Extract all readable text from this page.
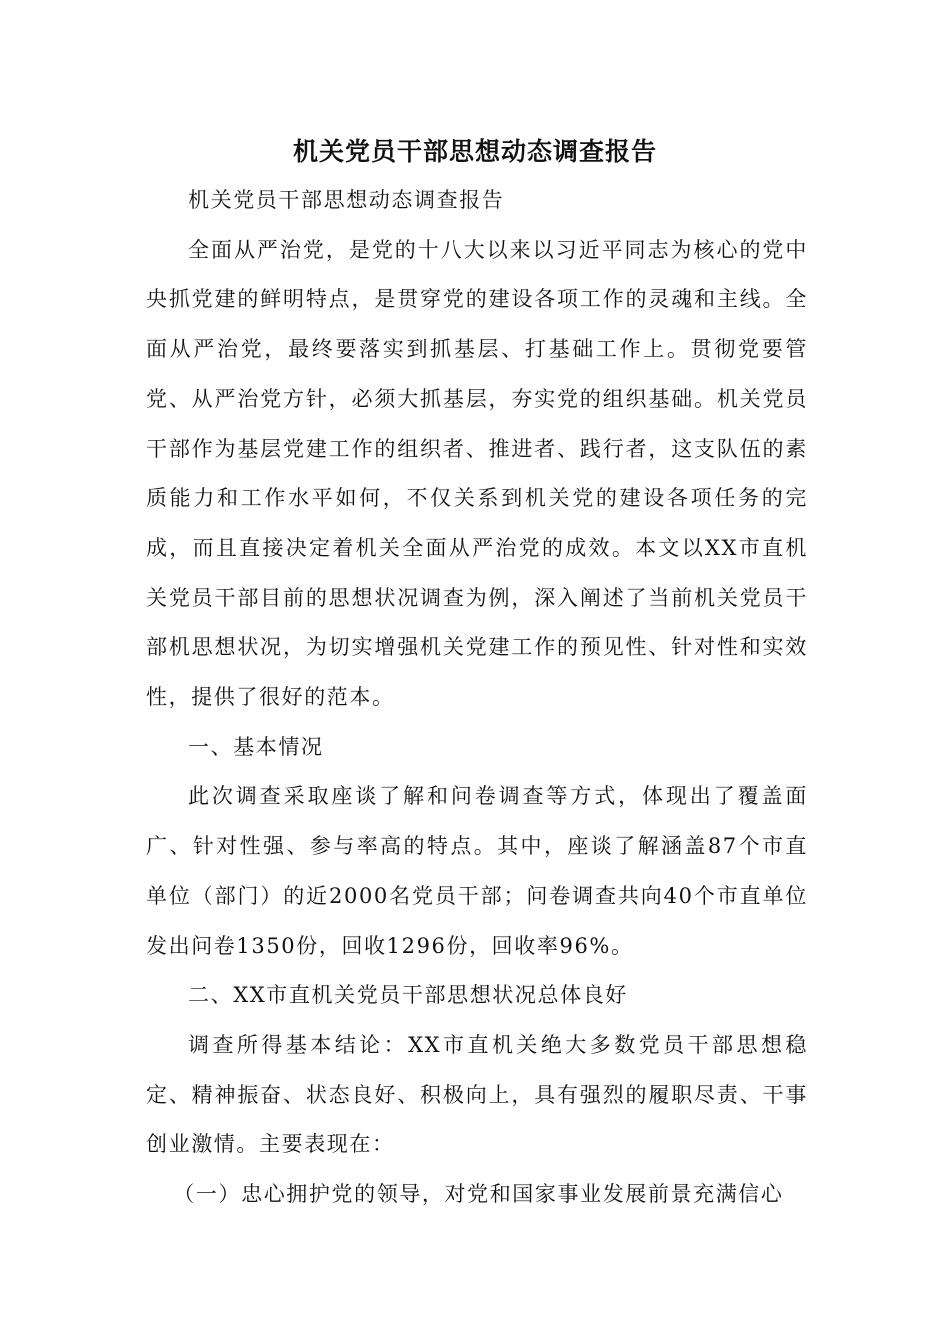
机关党员干部思想动态调查报告

机关党员干部思想动态调查报告

全面从严治党，是党的十八大以来以习近平同志为核心的党中央抓党建的鲜明特点，是贯穿党的建设各项工作的灵魂和主线。全面从严治党，最终要落实到抓基层、打基础工作上。贯彻党要管党、从严治党方针，必须大抓基层，夯实党的组织基础。机关党员干部作为基层党建工作的组织者、推进者、践行者，这支队伍的素质能力和工作水平如何，不仅关系到机关党的建设各项任务的完成，而且直接决定着机关全面从严治党的成效。本文以XX市直机关党员干部目前的思想状况调查为例，深入阐述了当前机关党员干部机思想状况，为切实增强机关党建工作的预见性、针对性和实效性，提供了很好的范本。

一、基本情况

此次调查采取座谈了解和问卷调查等方式，体现出了覆盖面广、针对性强、参与率高的特点。其中，座谈了解涵盖87个市直单位（部门）的近2000名党员干部；问卷调查共向40个市直单位发出问卷1350份，回收1296份，回收率96%。

二、XX市直机关党员干部思想状况总体良好

调查所得基本结论：XX市直机关绝大多数党员干部思想稳定、精神振奋、状态良好、积极向上，具有强烈的履职尽责、干事创业激情。主要表现在：

（一）忠心拥护党的领导，对党和国家事业发展前景充满信心
